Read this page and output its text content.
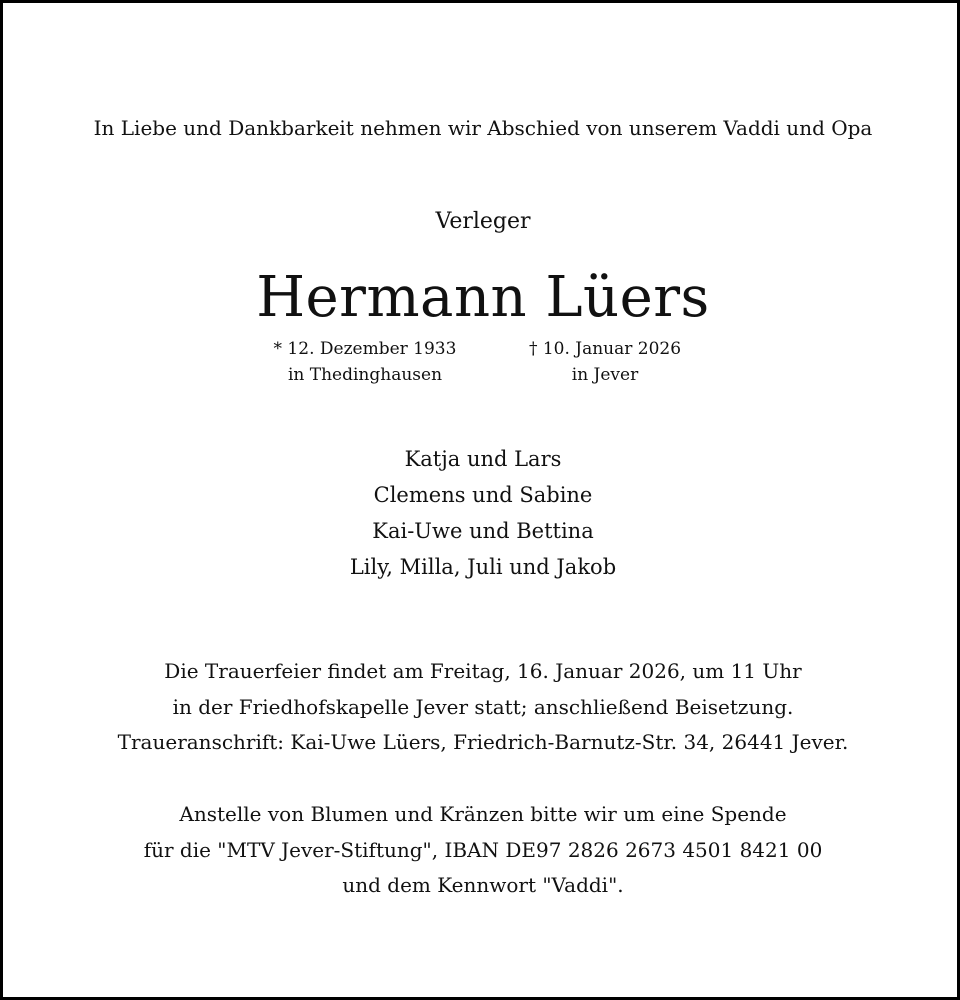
In Liebe und Dankbarkeit nehmen wir Abschied von unserem Vaddi und Opa
Verleger
Hermann Lüers
* 12. Dezember 1933
in Thedinghausen
† 10. Januar 2026
in Jever
Katja und Lars
Clemens und Sabine
Kai-Uwe und Bettina
Lily, Milla, Juli und Jakob
Die Trauerfeier findet am Freitag, 16. Januar 2026, um 11 Uhr
in der Friedhofskapelle Jever statt; anschließend Beisetzung.
Traueranschrift: Kai-Uwe Lüers, Friedrich-Barnutz-Str. 34, 26441 Jever.
Anstelle von Blumen und Kränzen bitte wir um eine Spende
für die "MTV Jever-Stiftung", IBAN DE97 2826 2673 4501 8421 00
und dem Kennwort "Vaddi".
